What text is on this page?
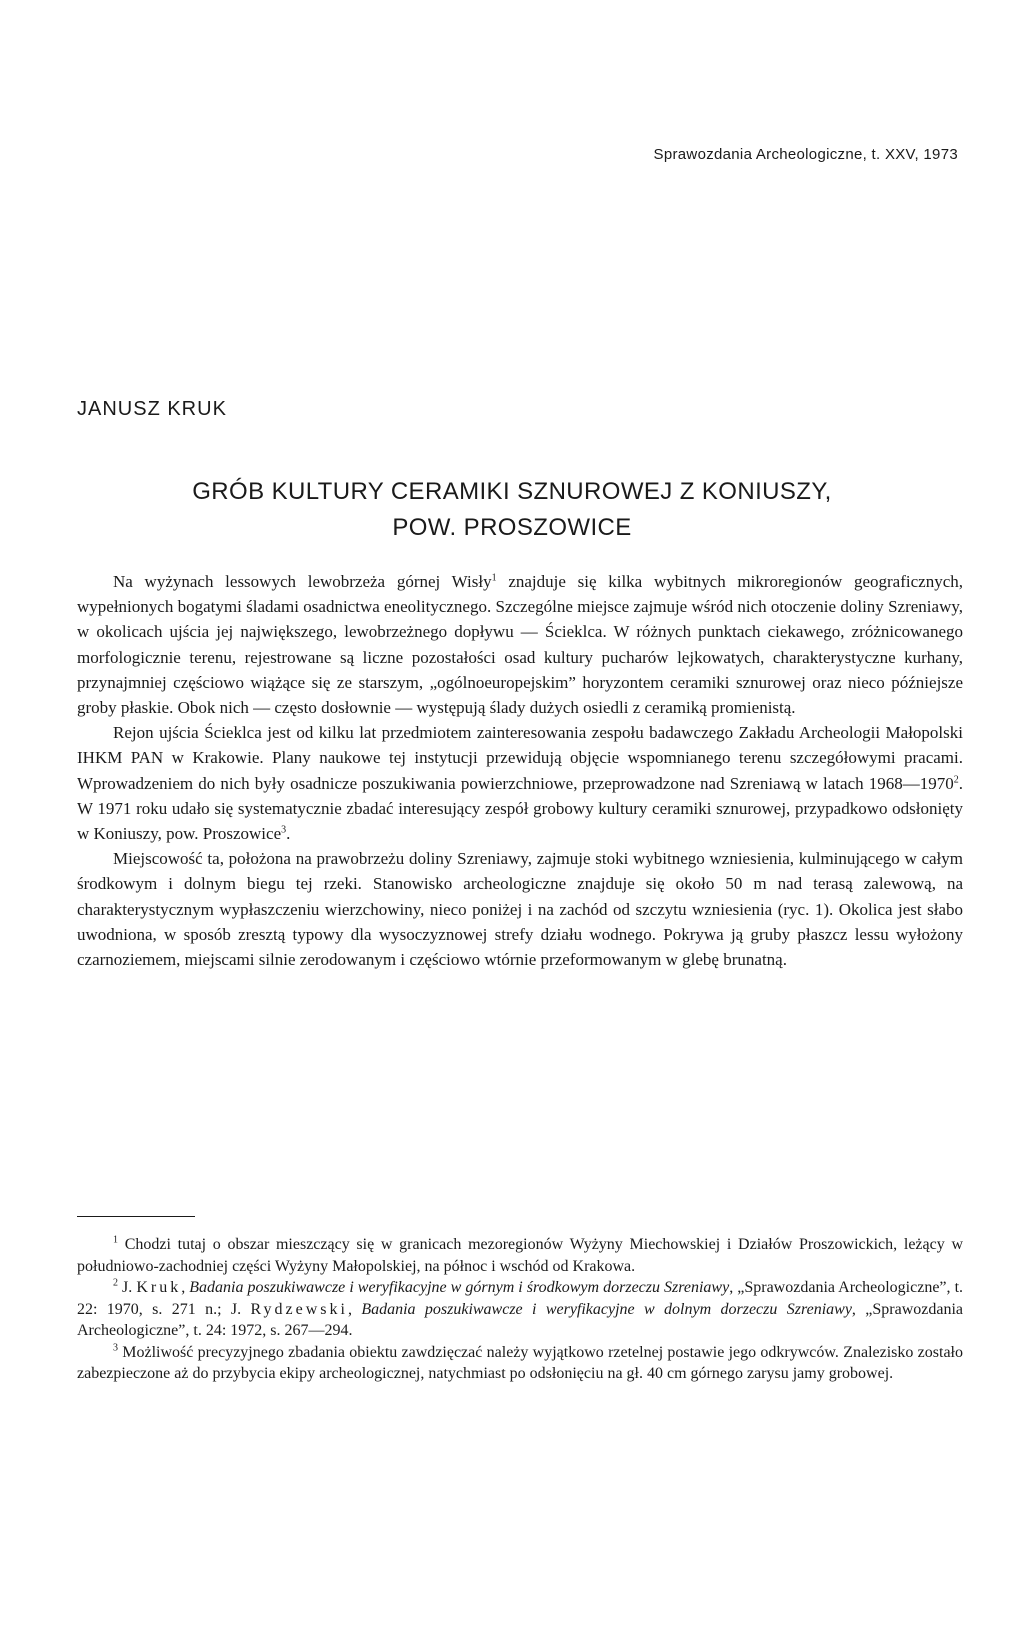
Sprawozdania Archeologiczne, t. XXV, 1973
JANUSZ KRUK
GRÓB KULTURY CERAMIKI SZNUROWEJ Z KONIUSZY,
POW. PROSZOWICE

Na wyżynach lessowych lewobrzeża górnej Wisły$^1$ znajduje się kilka wybitnych mikroregionów geograficznych, wypełnionych bogatymi śladami osadnictwa eneolitycznego. Szczególne miejsce zajmuje wśród nich otoczenie doliny Szreniawy, w okolicach ujścia jej największego, lewobrzeżnego dopływu — Ścieklca. W różnych punktach ciekawego, zróżnicowanego morfologicznie terenu, rejestrowane są liczne pozostałości osad kultury pucharów lejkowatych, charakterystyczne kurhany, przynajmniej częściowo wiążące się ze starszym, „ogólnoeuropejskim” horyzontem ceramiki sznurowej oraz nieco późniejsze groby płaskie. Obok nich — często dosłownie — występują ślady dużych osiedli z ceramiką promienistą.

Rejon ujścia Ścieklca jest od kilku lat przedmiotem zainteresowania zespołu badawczego Zakładu Archeologii Małopolski IHKM PAN w Krakowie. Plany naukowe tej instytucji przewidują objęcie wspomnianego terenu szczegółowymi pracami. Wprowadzeniem do nich były osadnicze poszukiwania powierzchniowe, przeprowadzone nad Szreniawą w latach 1968—1970$^2$. W 1971 roku udało się systematycznie zbadać interesujący zespół grobowy kultury ceramiki sznurowej, przypadkowo odsłonięty w Koniuszy, pow. Proszowice$^3$.

Miejscowość ta, położona na prawobrzeżu doliny Szreniawy, zajmuje stoki wybitnego wzniesienia, kulminującego w całym środkowym i dolnym biegu tej rzeki. Stanowisko archeologiczne znajduje się około 50 m nad terasą zalewową, na charakterystycznym wypłaszczeniu wierzchowiny, nieco poniżej i na zachód od szczytu wzniesienia (ryc. 1). Okolica jest słabo uwodniona, w sposób zresztą typowy dla wysoczyznowej strefy działu wodnego. Pokrywa ją gruby płaszcz lessu wyłożony czarnoziemem, miejscami silnie zerodowanym i częściowo wtórnie przeformowanym w glebę brunatną.

$^1$ Chodzi tutaj o obszar mieszczący się w granicach mezoregionów Wyżyny Miechowskiej i Działów Proszowickich, leżący w południowo-zachodniej części Wyżyny Małopolskiej, na północ i wschód od Krakowa.

$^2$ J. Kruk, Badania poszukiwawcze i weryfikacyjne w górnym i środkowym dorzeczu Szreniawy, „Sprawozdania Archeologiczne”, t. 22: 1970, s. 271 n.; J. Rydzewski, Badania poszukiwawcze i weryfikacyjne w dolnym dorzeczu Szreniawy, „Sprawozdania Archeologiczne”, t. 24: 1972, s. 267—294.

$^3$ Możliwość precyzyjnego zbadania obiektu zawdzięczać należy wyjątkowo rzetelnej postawie jego odkrywców. Znalezisko zostało zabezpieczone aż do przybycia ekipy archeologicznej, natychmiast po odsłonięciu na gł. 40 cm górnego zarysu jamy grobowej.
